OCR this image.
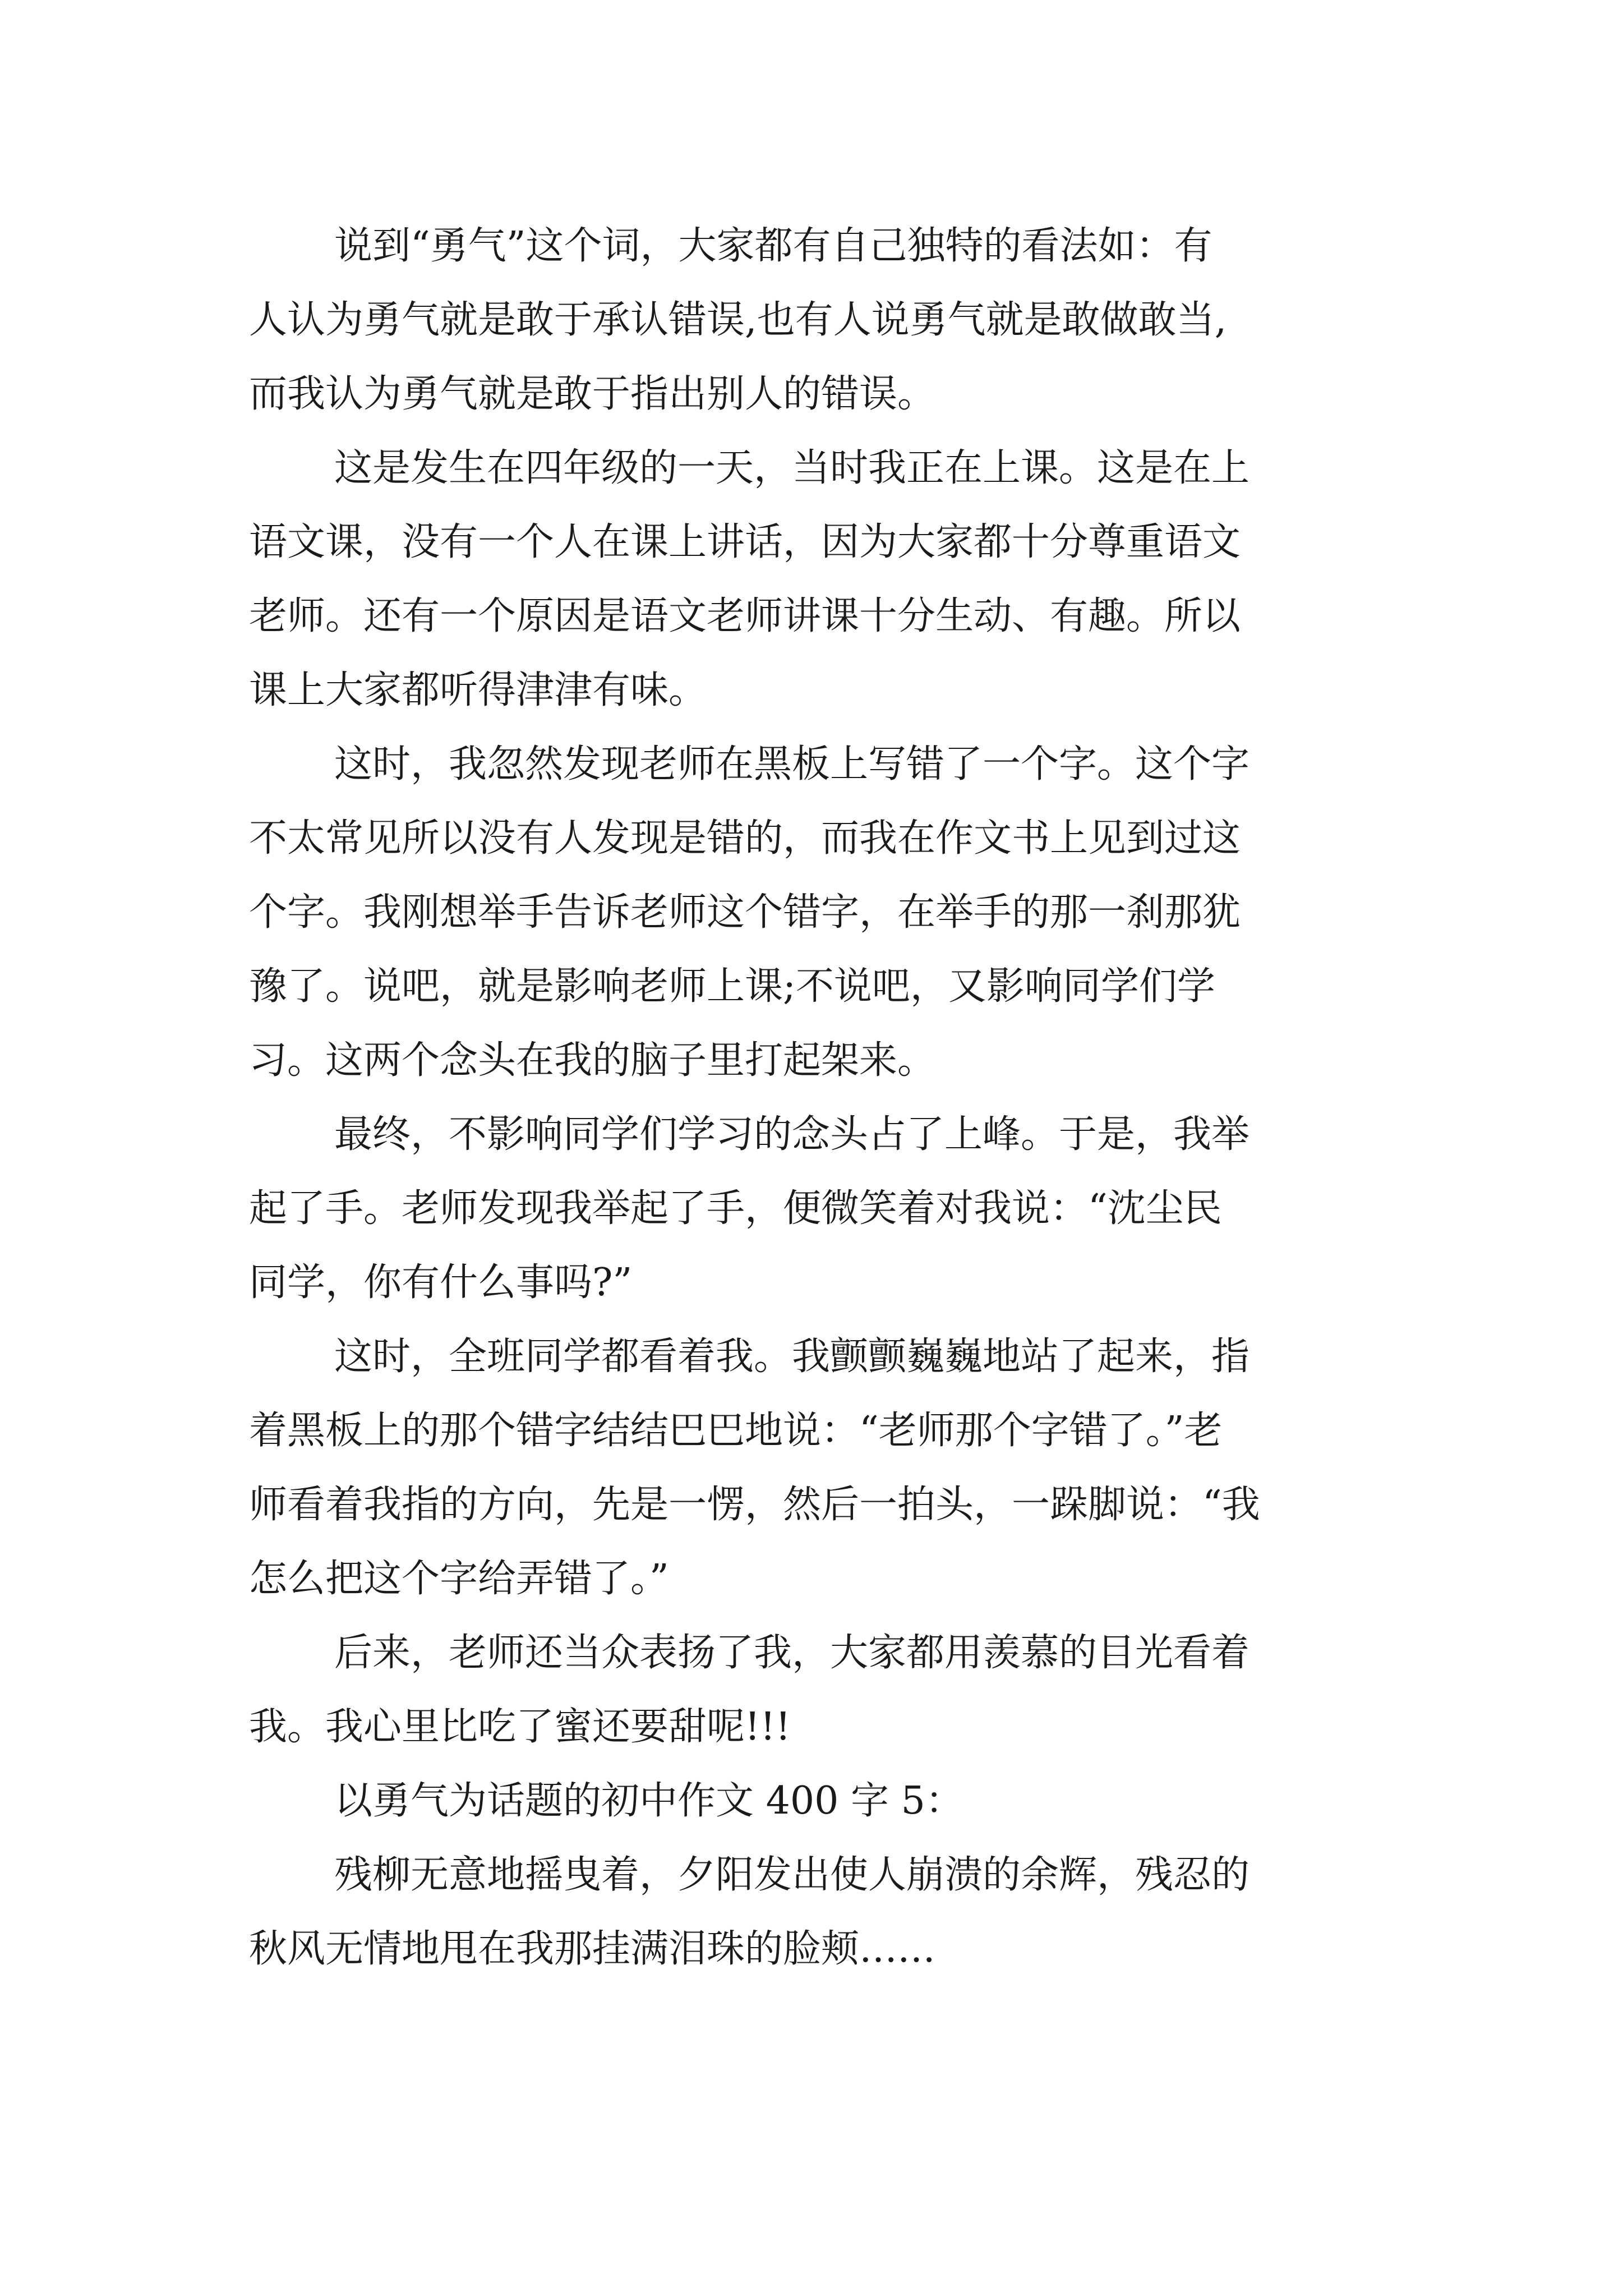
说到“勇气”这个词，大家都有自己独特的看法如：有

人认为勇气就是敢于承认错误,也有人说勇气就是敢做敢当,

而我认为勇气就是敢于指出别人的错误。

这是发生在四年级的一天，当时我正在上课。这是在上

语文课，没有一个人在课上讲话，因为大家都十分尊重语文

老师。还有一个原因是语文老师讲课十分生动、有趣。所以

课上大家都听得津津有味。

这时，我忽然发现老师在黑板上写错了一个字。这个字

不太常见所以没有人发现是错的，而我在作文书上见到过这

个字。我刚想举手告诉老师这个错字，在举手的那一刹那犹

豫了。说吧，就是影响老师上课;不说吧，又影响同学们学

习。这两个念头在我的脑子里打起架来。

最终，不影响同学们学习的念头占了上峰。于是，我举

起了手。老师发现我举起了手，便微笑着对我说：“沈尘民

同学，你有什么事吗?”

这时，全班同学都看着我。我颤颤巍巍地站了起来，指

着黑板上的那个错字结结巴巴地说：“老师那个字错了。”老

师看着我指的方向，先是一愣，然后一拍头，一跺脚说：“我

怎么把这个字给弄错了。”

后来，老师还当众表扬了我，大家都用羡慕的目光看着

我。我心里比吃了蜜还要甜呢!!!

以勇气为话题的初中作文 400 字 5：

残柳无意地摇曳着，夕阳发出使人崩溃的余辉，残忍的

秋风无情地甩在我那挂满泪珠的脸颊……
